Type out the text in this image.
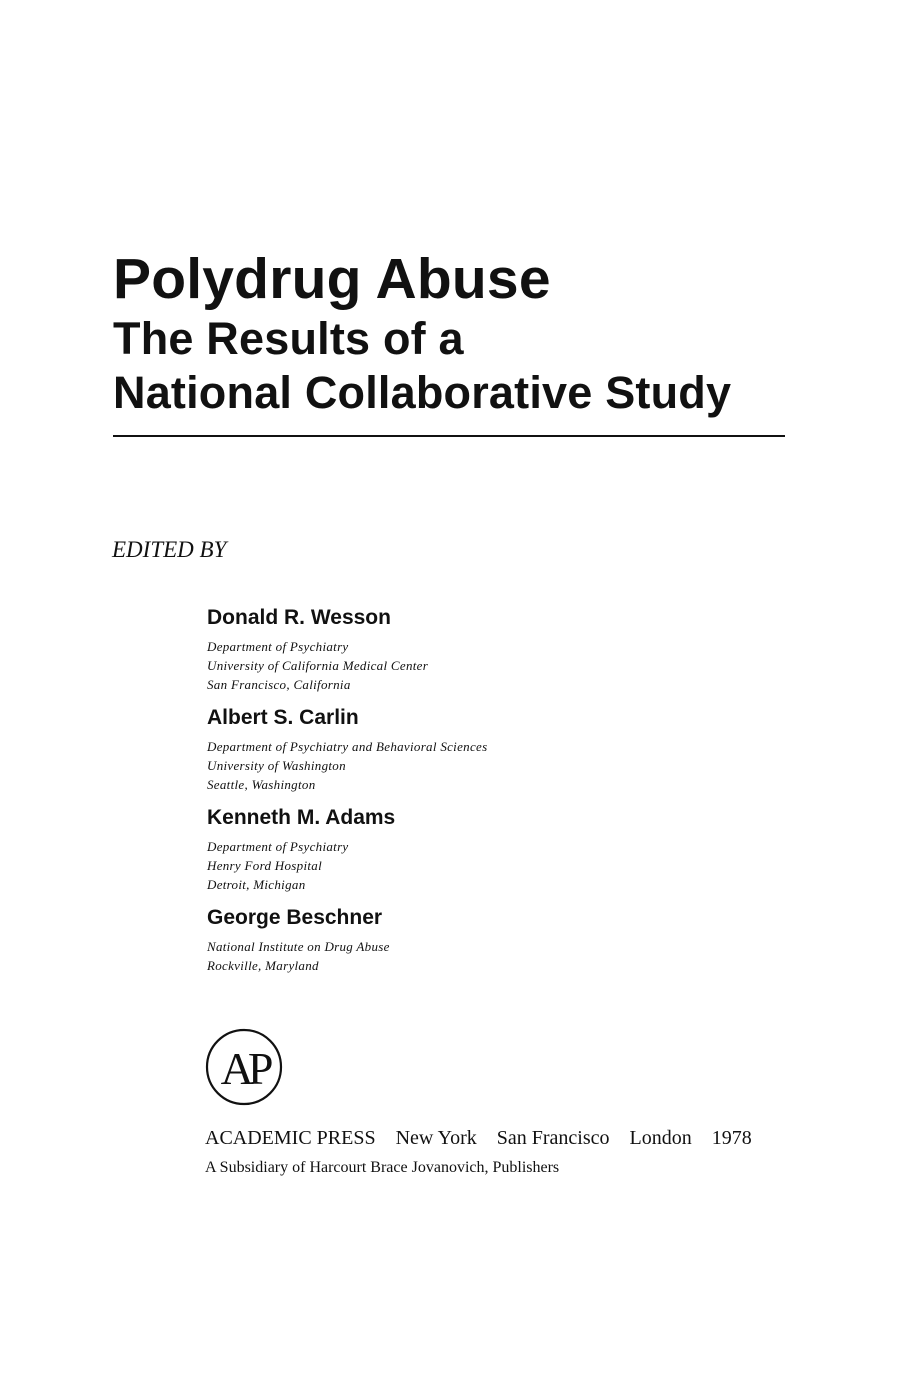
Polydrug Abuse

The Results of a

National Collaborative Study

EDITED BY

Donald R. Wesson

Department of Psychiatry

University of California Medical Center

San Francisco, California

Albert S. Carlin

Department of Psychiatry and Behavioral Sciences

University of Washington

Seattle, Washington

Kenneth M. Adams

Department of Psychiatry

Henry Ford Hospital

Detroit, Michigan

George Beschner

National Institute on Drug Abuse

Rockville, Maryland

AP

ACADEMIC PRESS New York San Francisco London 1978

A Subsidiary of Harcourt Brace Jovanovich, Publishers
